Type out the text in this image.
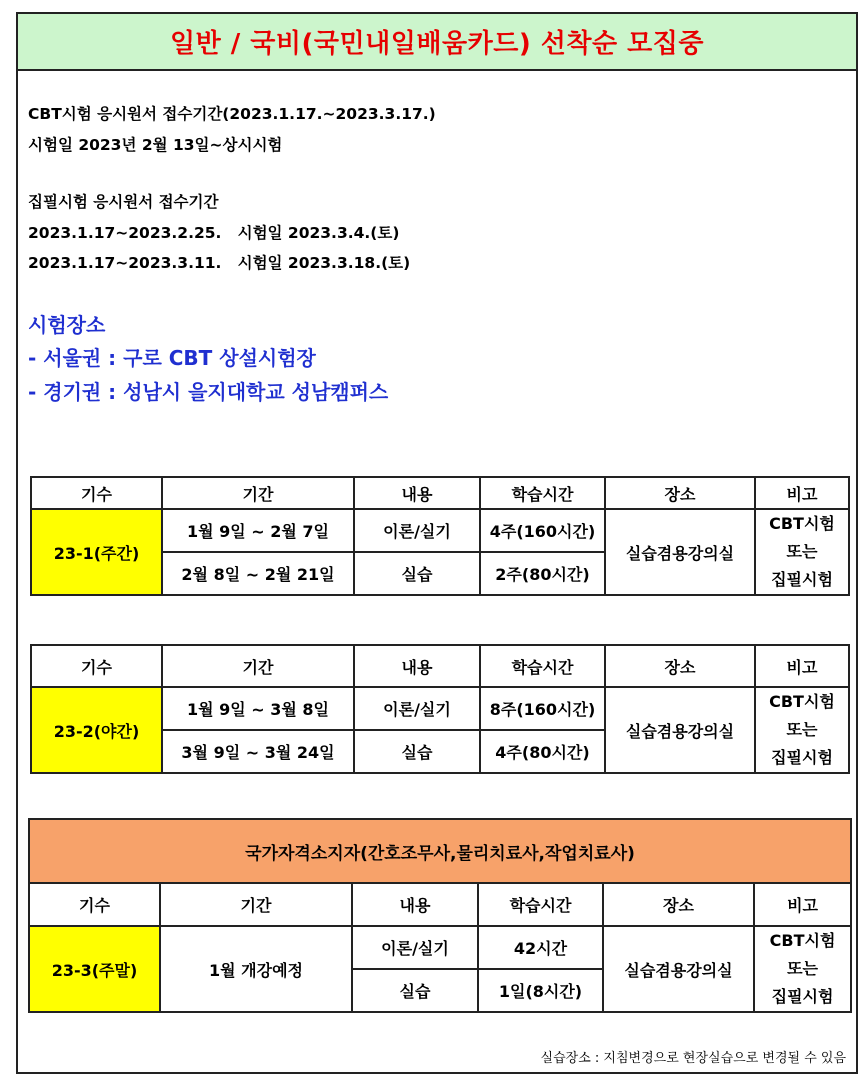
일반 / 국비(국민내일배움카드) 선착순 모집중
CBT시험 응시원서 접수기간(2023.1.17.~2023.3.17.)
시험일 2023년 2월 13일~상시시험
집필시험 응시원서 접수기간
2023.1.17~2023.2.25.   시험일 2023.3.4.(토)
2023.1.17~2023.3.11.   시험일 2023.3.18.(토)
시험장소
- 서울권 : 구로 CBT 상설시험장
- 경기권 : 성남시 을지대학교 성남캠퍼스
기수	기간	내용	학습시간	장소	비고
23-1(주간)	1월 9일 ~ 2월 7일	이론/실기	4주(160시간)	실습겸용강의실	CBT시험
또는
집필시험

	2월 8일 ~ 2월 21일	실습	2주(80시간)		
기수	기간	내용	학습시간	장소	비고
23-2(야간)	1월 9일 ~ 3월 8일	이론/실기	8주(160시간)	실습겸용강의실	CBT시험
또는
집필시험

	3월 9일 ~ 3월 24일	실습	4주(80시간)		
국가자격소지자(간호조무사,물리치료사,작업치료사)					
기수	기간	내용	학습시간	장소	비고
23-3(주말)	1월 개강예정	이론/실기	42시간	실습겸용강의실	CBT시험
또는
집필시험

		실습	1일(8시간)		
실습장소 : 지침변경으로 현장실습으로 변경될 수 있음
